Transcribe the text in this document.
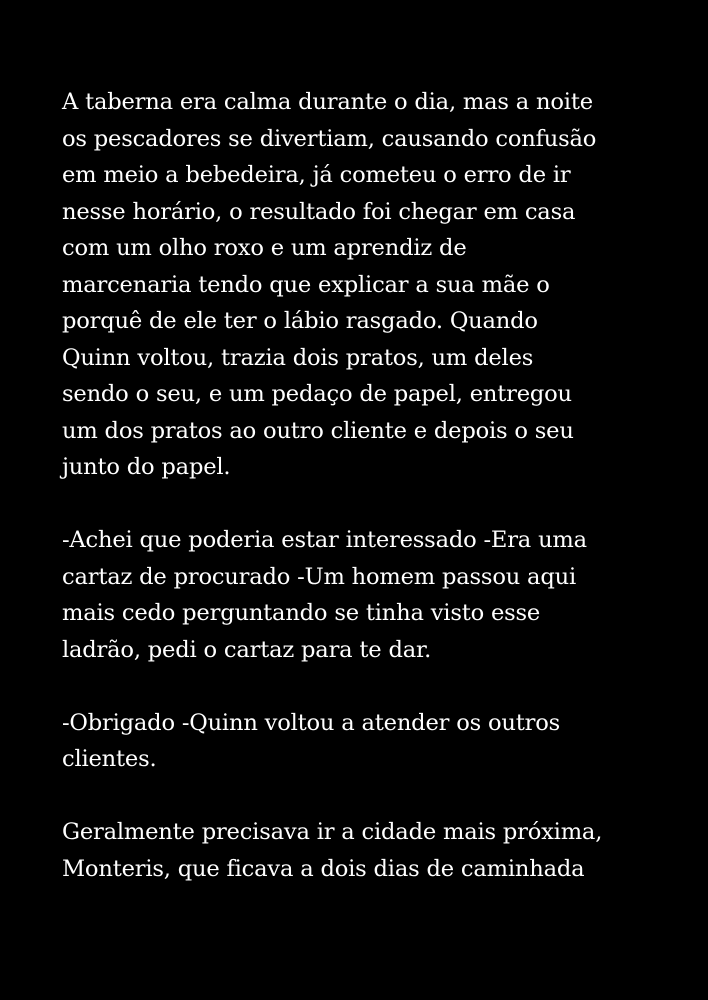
A taberna era calma durante o dia, mas a noite
os pescadores se divertiam, causando confusão
em meio a bebedeira, já cometeu o erro de ir
nesse horário, o resultado foi chegar em casa
com um olho roxo e um aprendiz de
marcenaria tendo que explicar a sua mãe o
porquê de ele ter o lábio rasgado. Quando
Quinn voltou, trazia dois pratos, um deles
sendo o seu, e um pedaço de papel, entregou
um dos pratos ao outro cliente e depois o seu
junto do papel.

-Achei que poderia estar interessado -Era uma
cartaz de procurado -Um homem passou aqui
mais cedo perguntando se tinha visto esse
ladrão, pedi o cartaz para te dar.

-Obrigado -Quinn voltou a atender os outros
clientes.

Geralmente precisava ir a cidade mais próxima,
Monteris, que ficava a dois dias de caminhada
